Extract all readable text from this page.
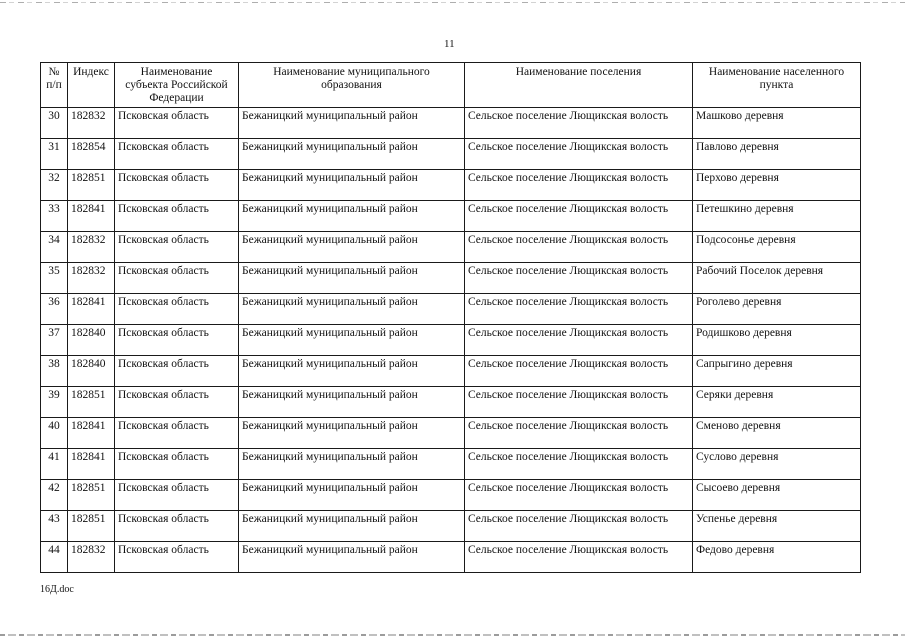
11
№ п/п	Индекс	Наименование субъекта Российской Федерации	Наименование муниципального образования	Наименование поселения	Наименование населенного пункта
30	182832	Псковская область	Бежаницкий муниципальный район	Сельское поселение Лющикская волость	Машково деревня
31	182854	Псковская область	Бежаницкий муниципальный район	Сельское поселение Лющикская волость	Павлово деревня
32	182851	Псковская область	Бежаницкий муниципальный район	Сельское поселение Лющикская волость	Перхово деревня
33	182841	Псковская область	Бежаницкий муниципальный район	Сельское поселение Лющикская волость	Петешкино деревня
34	182832	Псковская область	Бежаницкий муниципальный район	Сельское поселение Лющикская волость	Подсосонье деревня
35	182832	Псковская область	Бежаницкий муниципальный район	Сельское поселение Лющикская волость	Рабочий Поселок деревня
36	182841	Псковская область	Бежаницкий муниципальный район	Сельское поселение Лющикская волость	Роголево деревня
37	182840	Псковская область	Бежаницкий муниципальный район	Сельское поселение Лющикская волость	Родишково деревня
38	182840	Псковская область	Бежаницкий муниципальный район	Сельское поселение Лющикская волость	Сапрыгино деревня
39	182851	Псковская область	Бежаницкий муниципальный район	Сельское поселение Лющикская волость	Серяки деревня
40	182841	Псковская область	Бежаницкий муниципальный район	Сельское поселение Лющикская волость	Сменово деревня
41	182841	Псковская область	Бежаницкий муниципальный район	Сельское поселение Лющикская волость	Суслово деревня
42	182851	Псковская область	Бежаницкий муниципальный район	Сельское поселение Лющикская волость	Сысоево деревня
43	182851	Псковская область	Бежаницкий муниципальный район	Сельское поселение Лющикская волость	Успенье деревня
44	182832	Псковская область	Бежаницкий муниципальный район	Сельское поселение Лющикская волость	Федово деревня
16Д.doc
